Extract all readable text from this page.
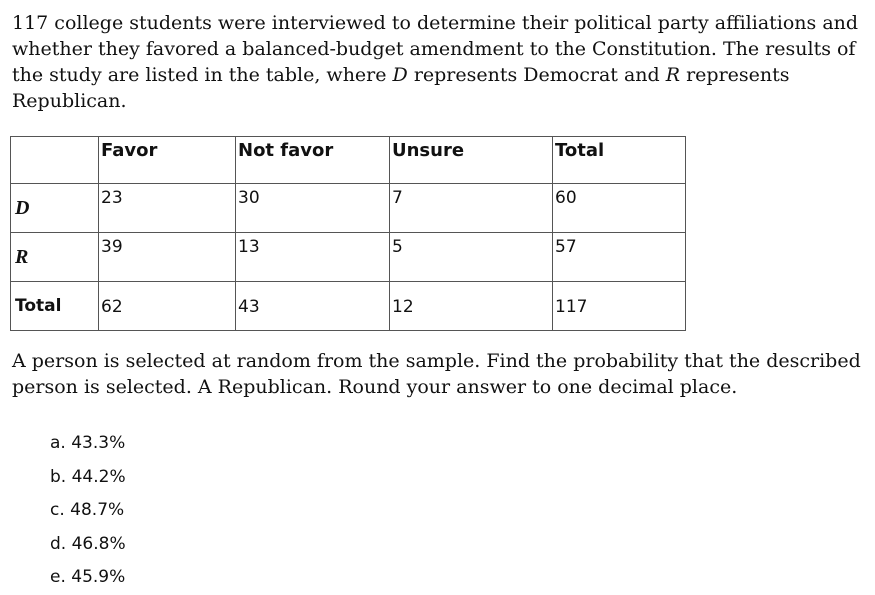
117 college students were interviewed to determine their political party affiliations and whether they favored a balanced-budget amendment to the Constitution. The results of the study are listed in the table, where D represents Democrat and R represents Republican.

	Favor	Not favor	Unsure	Total
D	23	30	7	60
R	39	13	5	57
Total	62	43	12	117

A person is selected at random from the sample. Find the probability that the described person is selected. A Republican. Round your answer to one decimal place.

a. 43.3%
b. 44.2%
c. 48.7%
d. 46.8%
e. 45.9%
